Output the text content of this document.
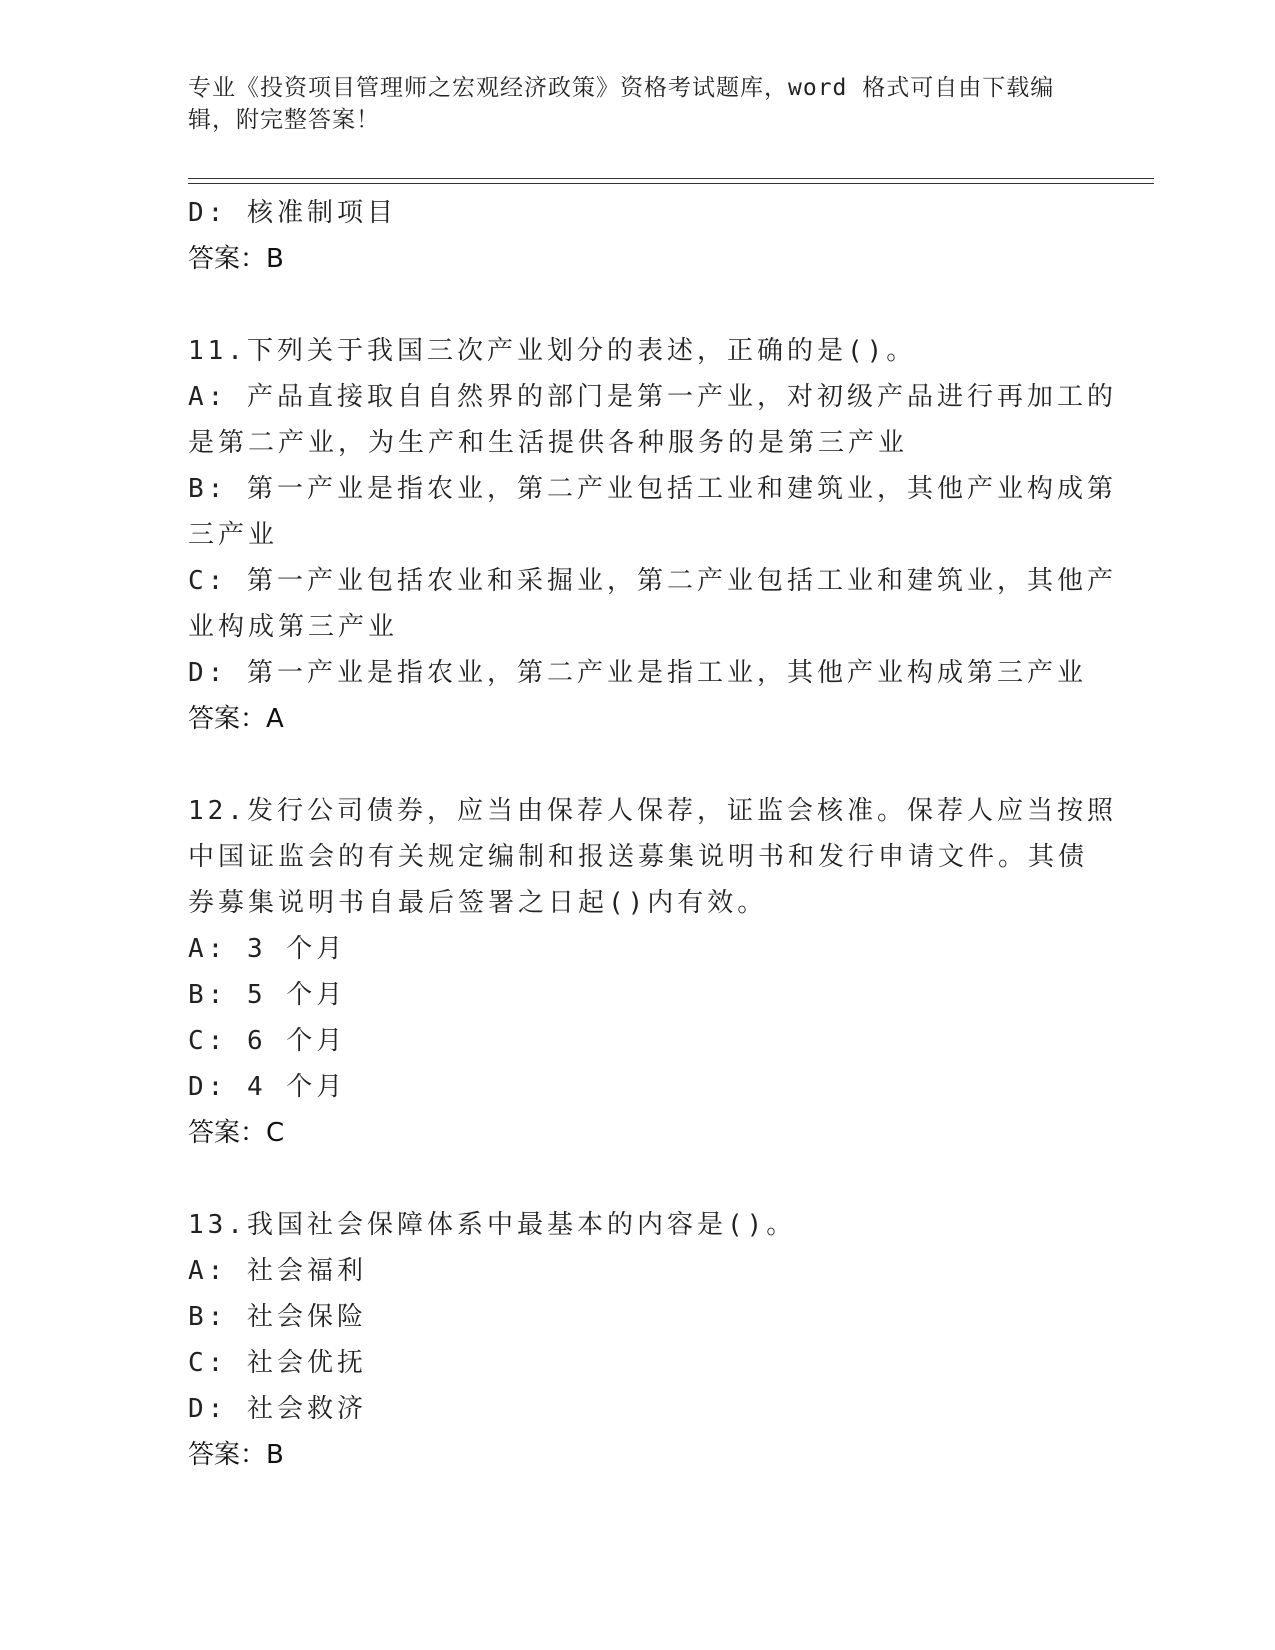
专业《投资项目管理师之宏观经济政策》资格考试题库，word 格式可自由下载编
辑，附完整答案！
D: 核准制项目
答案：B
11.下列关于我国三次产业划分的表述，正确的是()。
A: 产品直接取自自然界的部门是第一产业，对初级产品进行再加工的
是第二产业，为生产和生活提供各种服务的是第三产业
B: 第一产业是指农业，第二产业包括工业和建筑业，其他产业构成第
三产业
C: 第一产业包括农业和采掘业，第二产业包括工业和建筑业，其他产
业构成第三产业
D: 第一产业是指农业，第二产业是指工业，其他产业构成第三产业
答案：A
12.发行公司债券，应当由保荐人保荐，证监会核准。保荐人应当按照
中国证监会的有关规定编制和报送募集说明书和发行申请文件。其债
券募集说明书自最后签署之日起()内有效。
A: 3 个月
B: 5 个月
C: 6 个月
D: 4 个月
答案：C
13.我国社会保障体系中最基本的内容是()。
A: 社会福利
B: 社会保险
C: 社会优抚
D: 社会救济
答案：B
